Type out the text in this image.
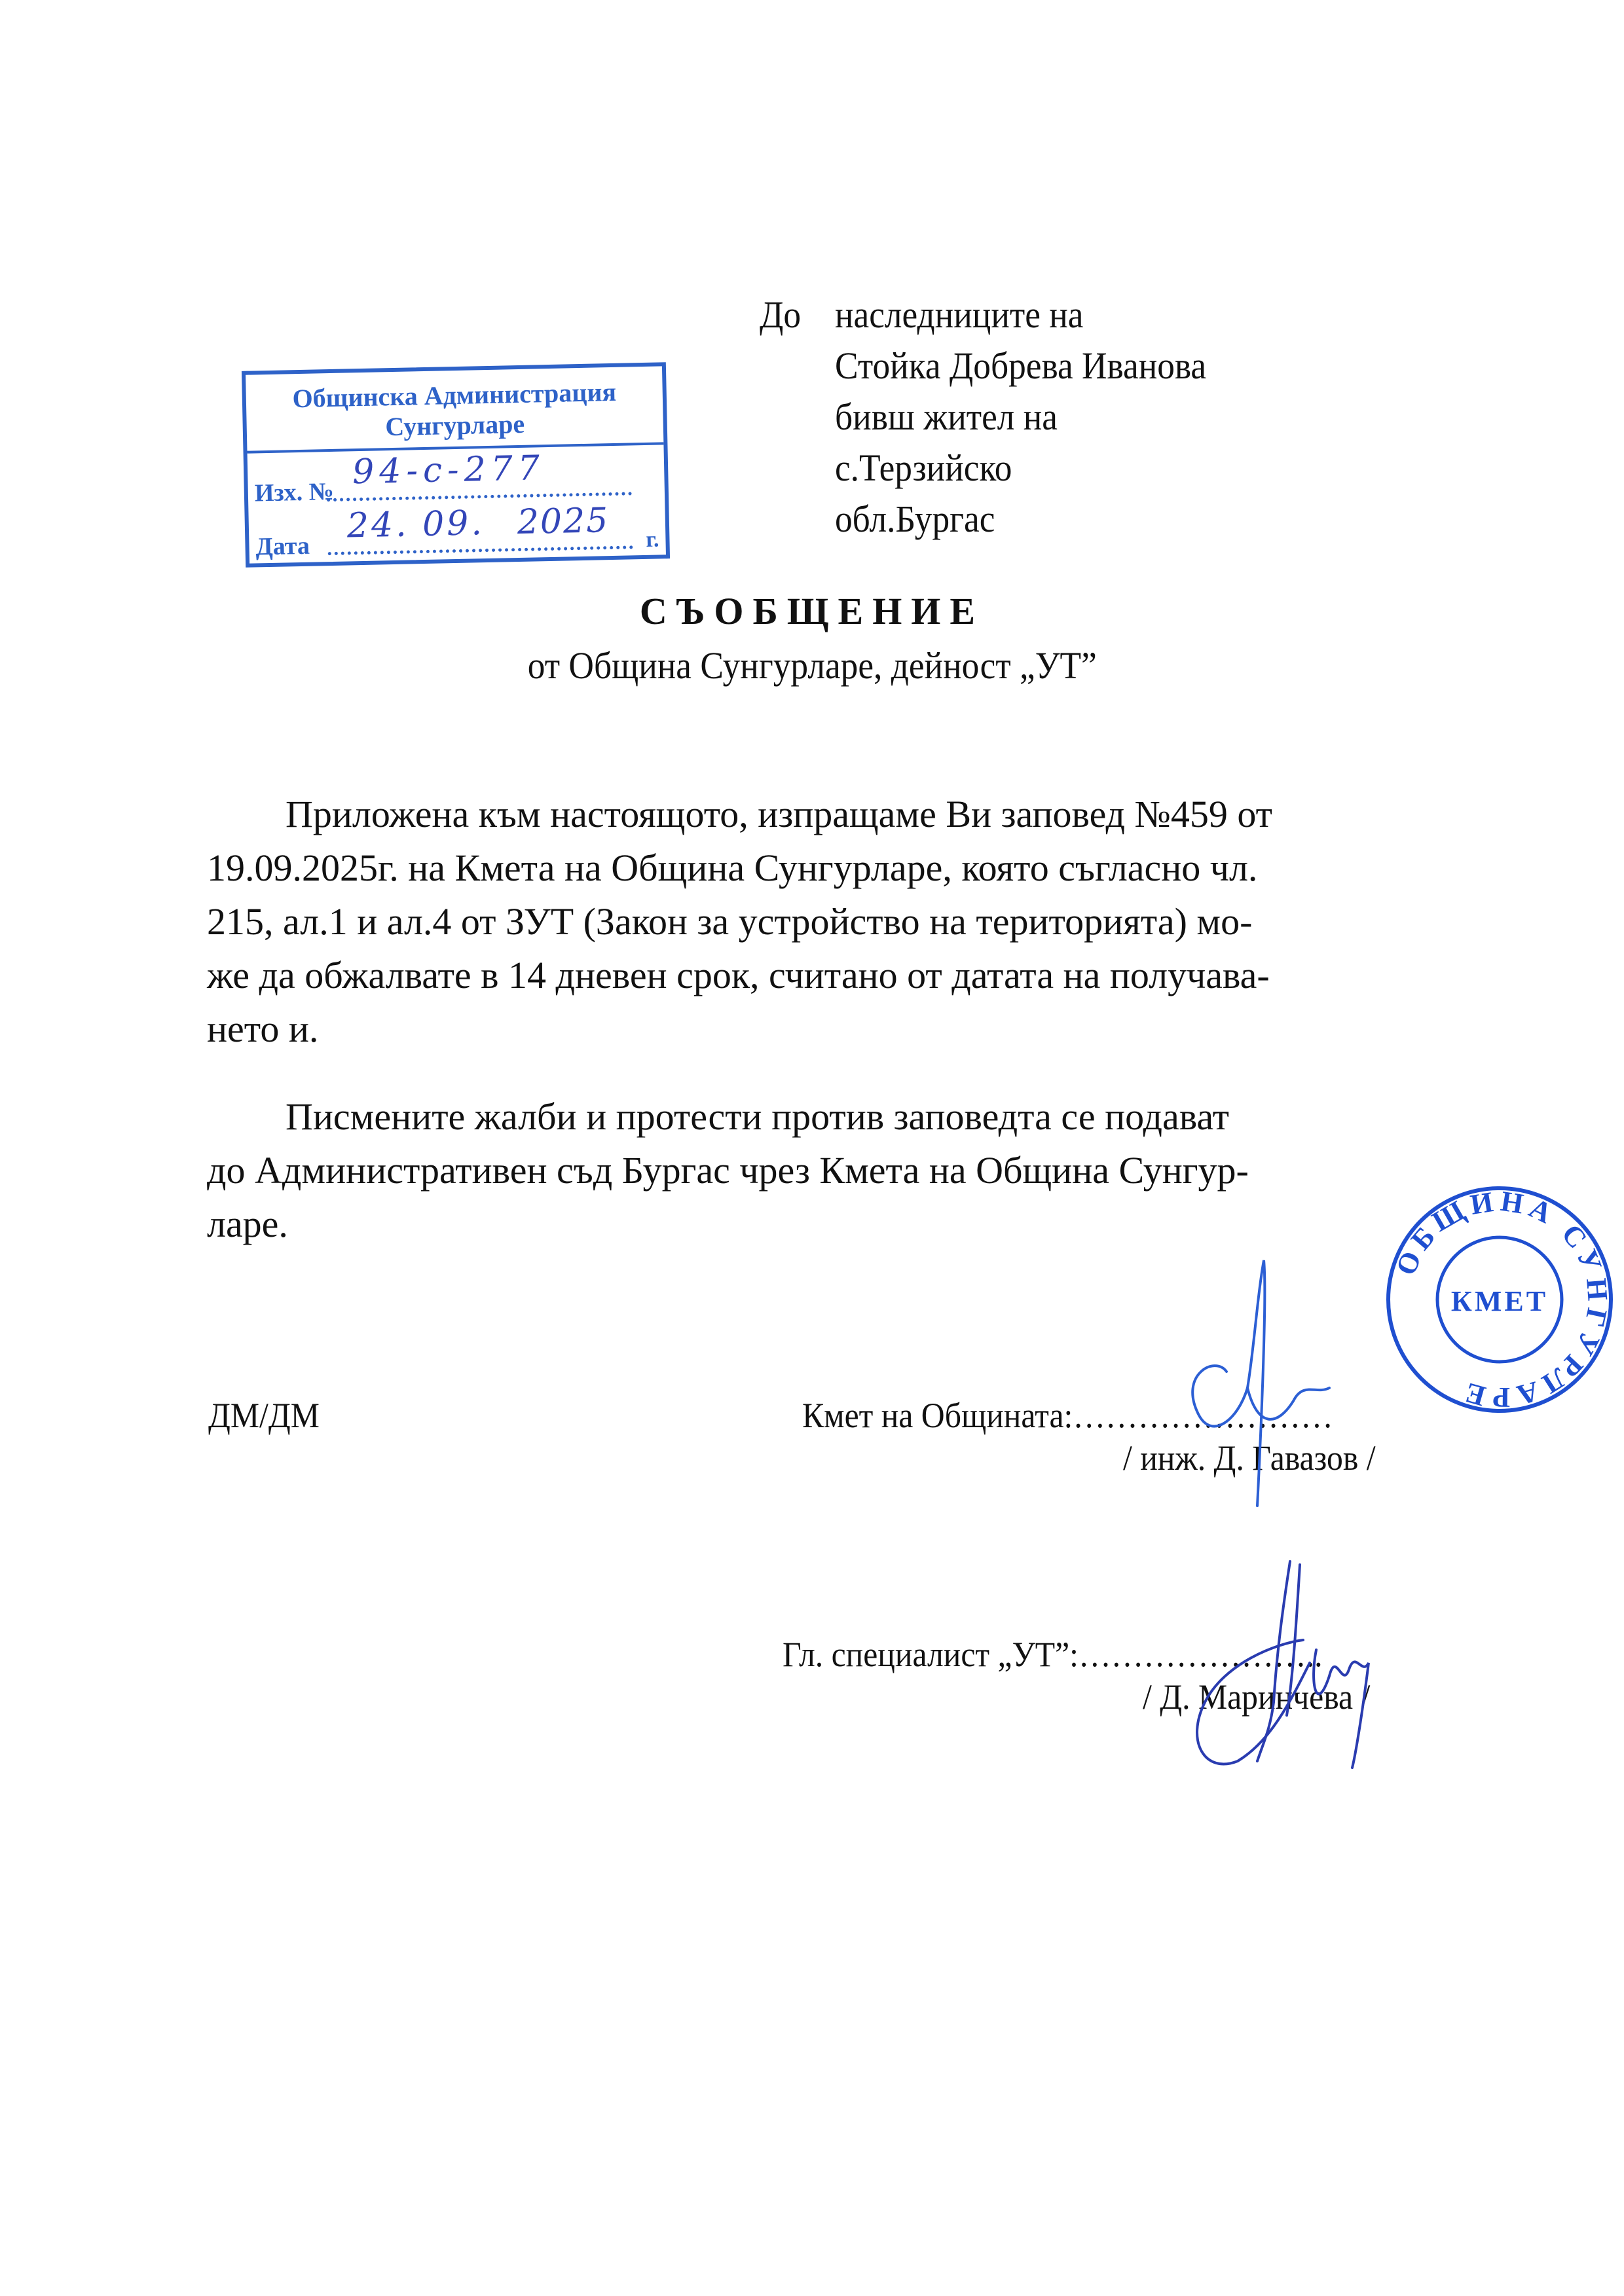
До наследниците на
Стойка Добрева Иванова
бивш жител на
с.Терзийско
обл.Бургас
Общинска Администрация
Сунгурларе
Изх. №
94-с-277
Дата
24. 09. 2025 г.
СЪОБЩЕНИЕ
от Община Сунгурларе, дейност „УТ”
Приложена към настоящото, изпращаме Ви заповед №459 от
19.09.2025г. на Кмета на Община Сунгурларе, която съгласно чл.
215, ал.1 и ал.4 от ЗУТ (Закон за устройство на територията) мо-
же да обжалвате в 14 дневен срок, считано от датата на получава-
нето и.
Писмените жалби и протести против заповедта се подават
до Административен съд Бургас чрез Кмета на Община Сунгур-
ларе.
ДМ/ДМ	Кмет на Общината:……………………
/ инж. Д. Гавазов /
Гл. специалист „УТ”:…………………..
/ Д. Маринчева /
ОБЩИНА СУНГУРЛАРЕ
КМЕТ
